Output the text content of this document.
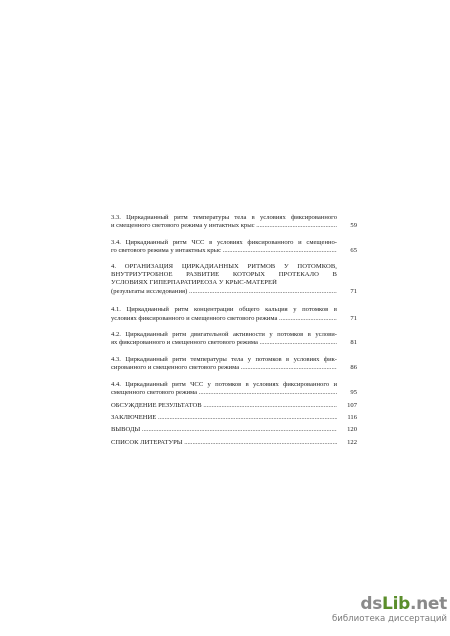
3.3. Циркадианный ритм температуры тела в условиях фиксированного
59
и смещенного светового режима у интактных крыс .....
3.4. Циркадианный ритм ЧСС в условиях фиксированного и смещенно-
65
го светового режима у интактных крыс .....
4. ОРГАНИЗАЦИЯ ЦИРКАДИАННЫХ РИТМОВ У ПОТОМКОВ,
ВНУТРИУТРОБНОЕ РАЗВИТИЕ КОТОРЫХ ПРОТЕКАЛО В
УСЛОВИЯХ ГИПЕРПАРАТИРЕОЗА У КРЫС-МАТЕРЕЙ
71
(результаты исследования) .....
4.1. Циркадианный ритм концентрации общего кальция у потомков в
71
условиях фиксированного и смещенного светового режима .....
4.2. Циркадианный ритм двигательной активности у потомков в услови-
81
ях фиксированного и смещенного светового режима .....
4.3. Циркадианный ритм температуры тела у потомков в условиях фик-
86
сированного и смещенного светового режима .....
4.4. Циркадианный ритм ЧСС у потомков в условиях фиксированного и
95
смещенного светового режима .....
107
ОБСУЖДЕНИЕ РЕЗУЛЬТАТОВ .....
116
ЗАКЛЮЧЕНИЕ .....
120
ВЫВОДЫ .....
122
СПИСОК ЛИТЕРАТУРЫ .....
dsLib.net
библиотека диссертаций
